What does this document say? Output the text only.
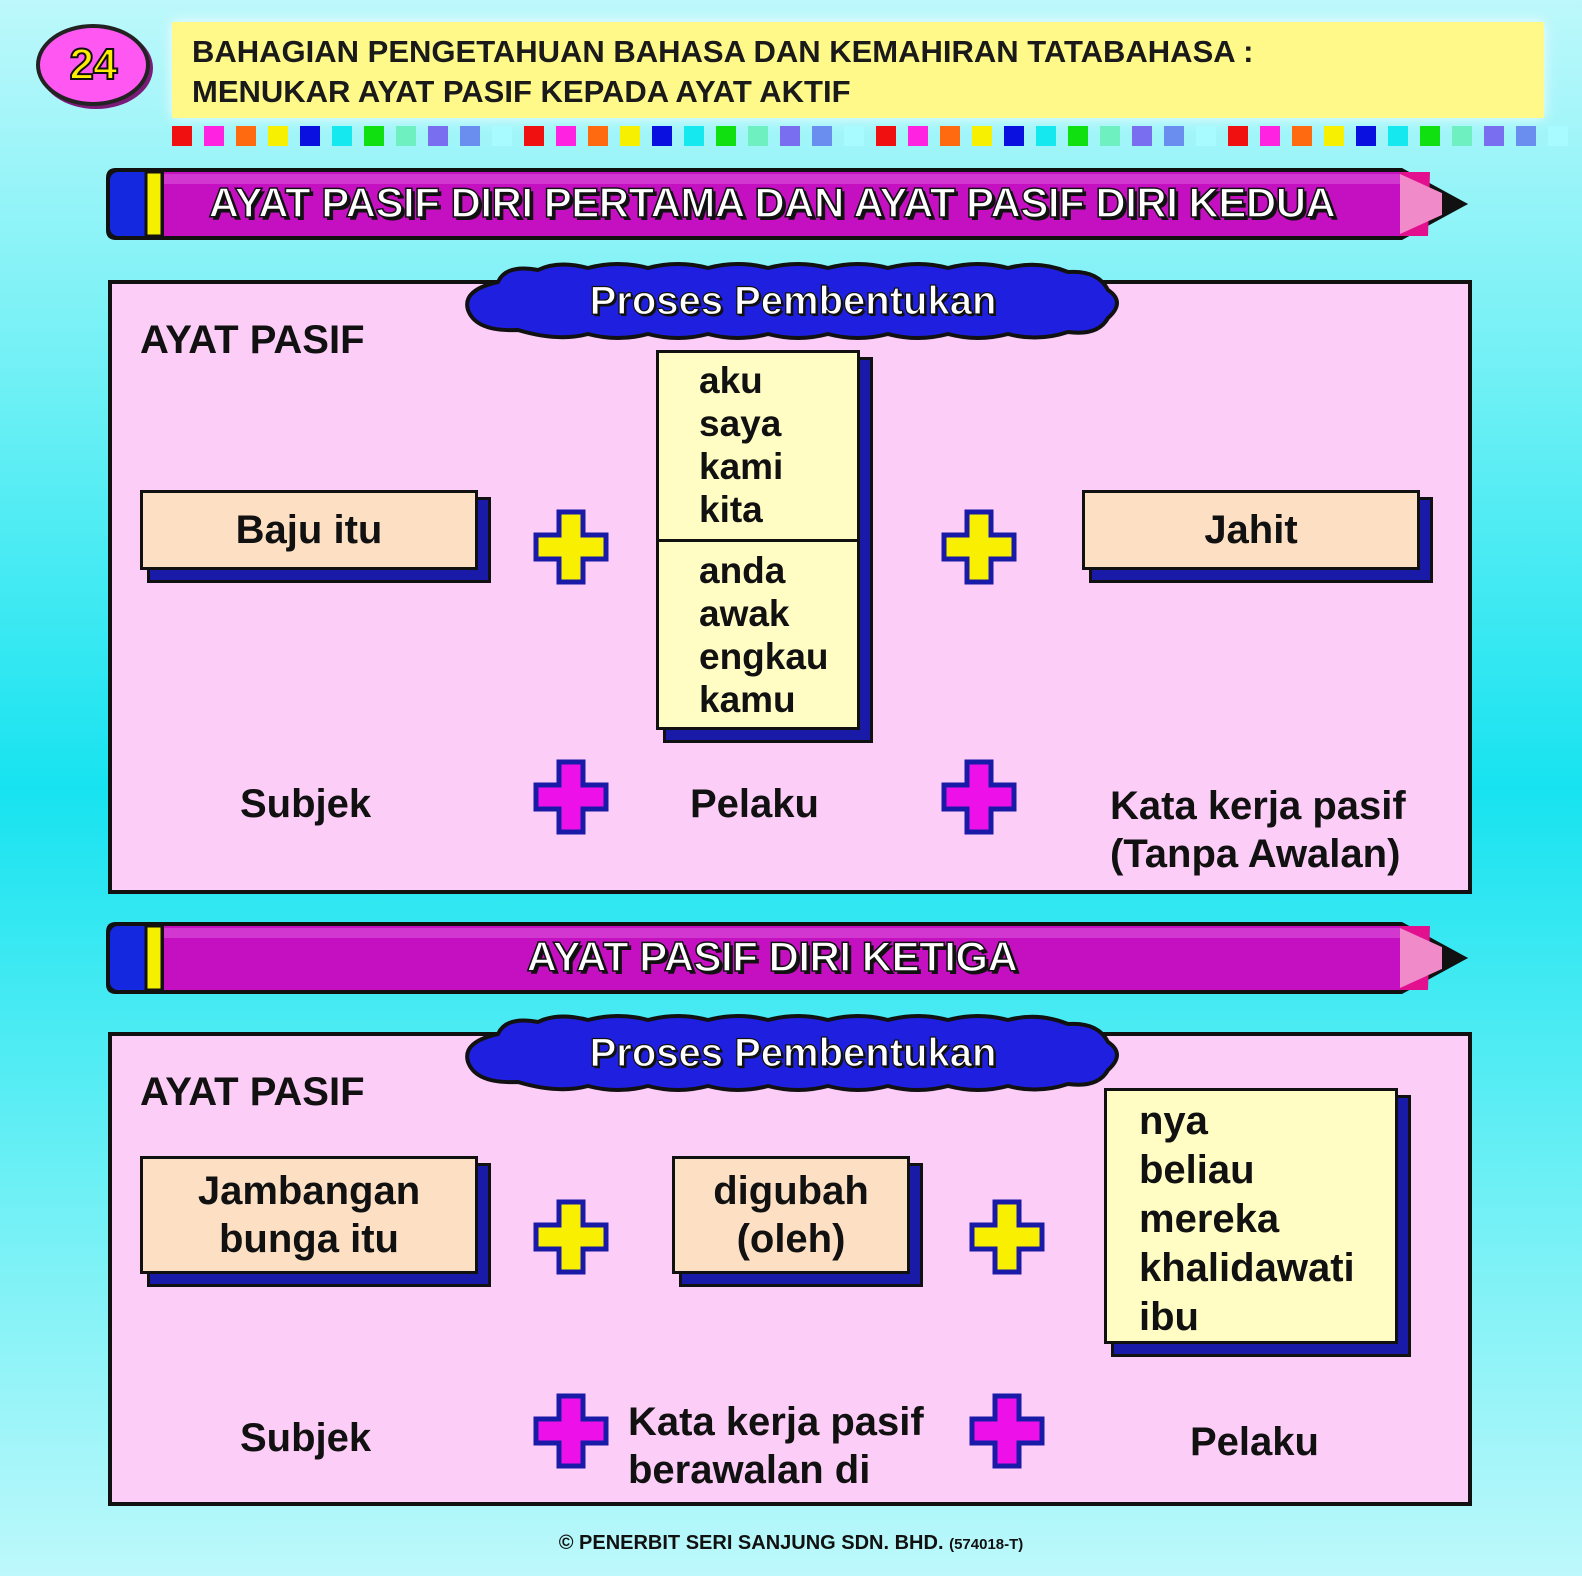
24 BAHAGIAN PENGETAHUAN BAHASA DAN KEMAHIRAN TATABAHASA :
MENUKAR AYAT PASIF KEPADA AYAT AKTIF
AYAT PASIF DIRI PERTAMA DAN AYAT PASIF DIRI KEDUA
Proses Pembentukan
AYAT PASIF
Baju itu
aku
saya
kami
kita
anda
awak
engkau
kamu
Jahit
Subjek	Pelaku	Kata kerja pasif
(Tanpa Awalan)
AYAT PASIF DIRI KETIGA
Proses Pembentukan
AYAT PASIF
Jambangan
bunga itu
digubah
(oleh)
nya
beliau
mereka
khalidawati
ibu
Subjek	Kata kerja pasif
berawalan di
Pelaku
© PENERBIT SERI SANJUNG SDN. BHD. (574018-T)
